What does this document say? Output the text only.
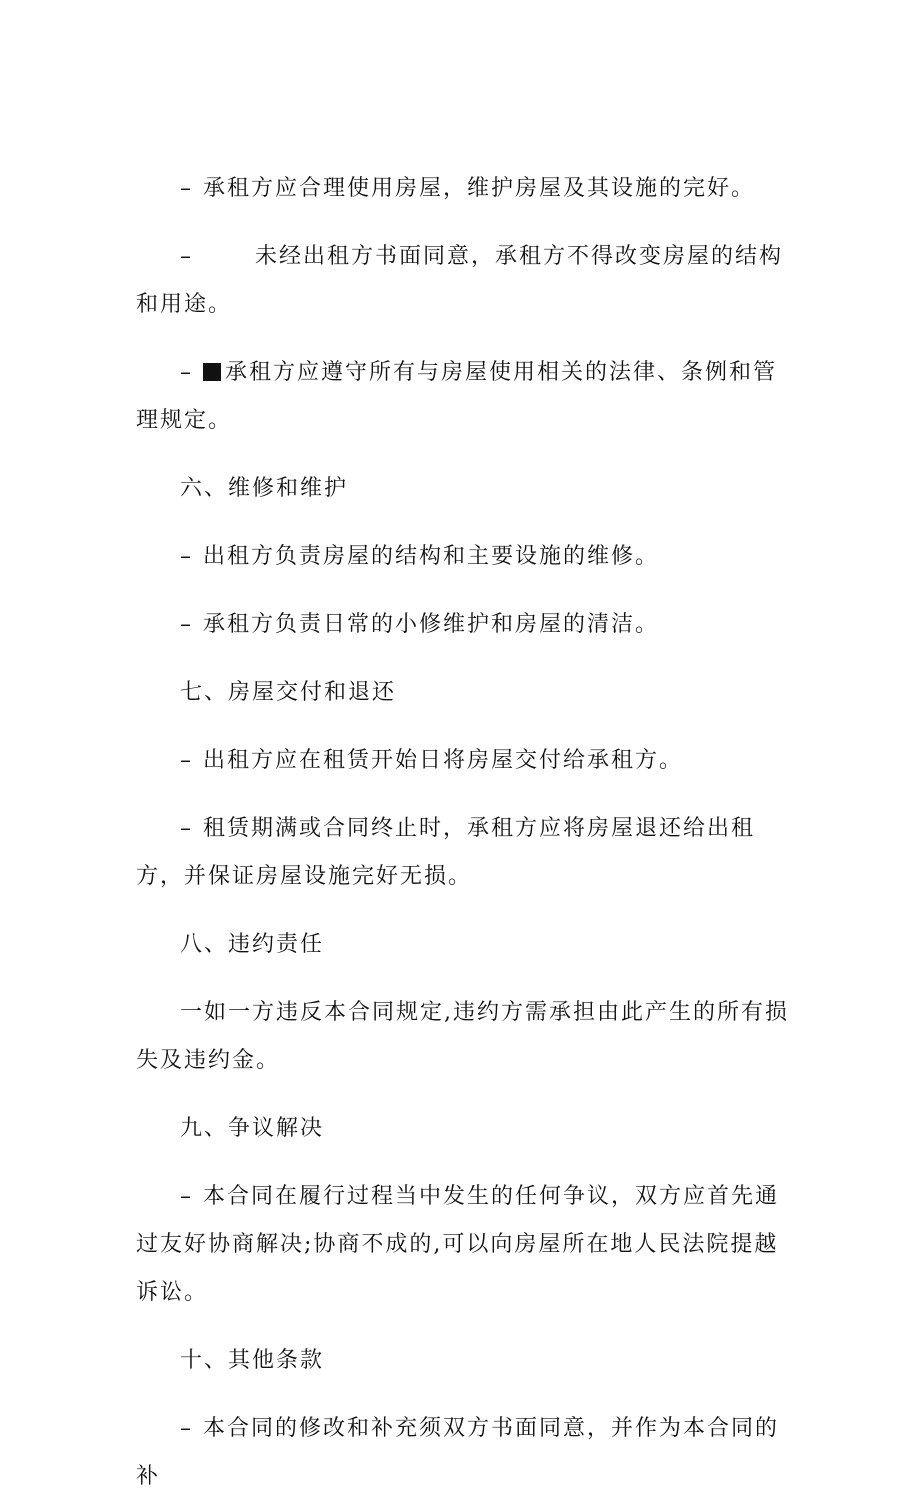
– 承租方应合理使用房屋，维护房屋及其设施的完好。

–	未经出租方书面同意，承租方不得改变房屋的结构和用途。

– 承租方应遵守所有与房屋使用相关的法律、条例和管理规定。

六、维修和维护

– 出租方负责房屋的结构和主要设施的维修。

– 承租方负责日常的小修维护和房屋的清洁。

七、房屋交付和退还

– 出租方应在租赁开始日将房屋交付给承租方。

– 租赁期满或合同终止时，承租方应将房屋退还给出租方，并保证房屋设施完好无损。

八、违约责任

一如一方违反本合同规定,违约方需承担由此产生的所有损失及违约金。

九、争议解决

– 本合同在履行过程当中发生的任何争议，双方应首先通过友好协商解决;协商不成的,可以向房屋所在地人民法院提越诉讼。

十、其他条款

– 本合同的修改和补充须双方书面同意，并作为本合同的补
